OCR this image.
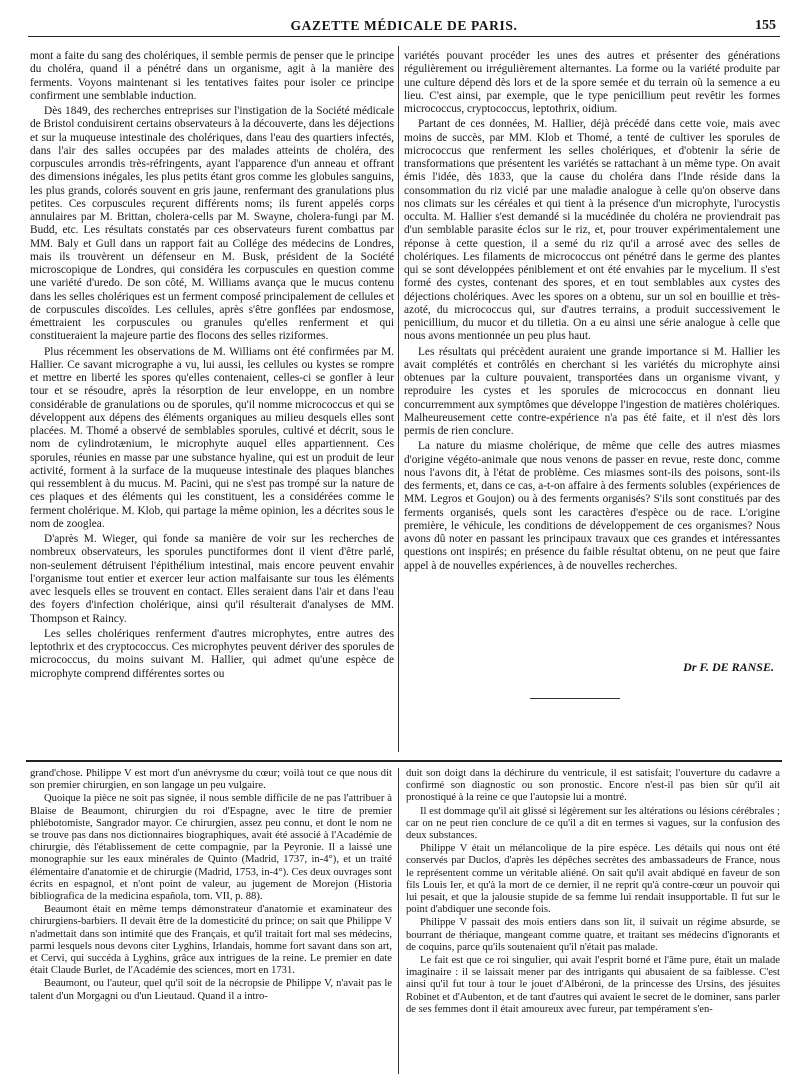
GAZETTE MÉDICALE DE PARIS.	155

mont a faite du sang des cholériques, il semble permis de penser que le principe du choléra, quand il a pénétré dans un organisme, agit à la manière des ferments. Voyons maintenant si les tentatives faites pour isoler ce principe confirment une semblable induction.

Dès 1849, des recherches entreprises sur l'instigation de la Société médicale de Bristol conduisirent certains observateurs à la découverte, dans les déjections et sur la muqueuse intestinale des cholériques, dans l'eau des quartiers infectés, dans l'air des salles occupées par des malades atteints de choléra, des corpuscules arrondis très-réfringents, ayant l'apparence d'un anneau et offrant des dimensions inégales, les plus petits étant gros comme les globules sanguins, les plus grands, colorés souvent en gris jaune, renfermant des granulations plus petites. Ces corpuscules reçurent différents noms; ils furent appelés corps annulaires par M. Brittan, cholera-cells par M. Swayne, cholera-fungi par M. Budd, etc. Les résultats constatés par ces observateurs furent combattus par MM. Baly et Gull dans un rapport fait au Collége des médecins de Londres, mais ils trouvèrent un défenseur en M. Busk, président de la Société microscopique de Londres, qui considéra les corpuscules en question comme une variété d'uredo. De son côté, M. Williams avança que le mucus contenu dans les selles cholériques est un ferment composé principalement de cellules et de corpuscules discoïdes. Les cellules, après s'être gonflées par endosmose, émettraient les corpuscules ou granules qu'elles renferment et qui constitueraient la majeure partie des flocons des selles riziformes.

Plus récemment les observations de M. Williams ont été confirmées par M. Hallier. Ce savant micrographe a vu, lui aussi, les cellules ou kystes se rompre et mettre en liberté les spores qu'elles contenaient, celles-ci se gonfler à leur tour et se résoudre, après la résorption de leur enveloppe, en un nombre considérable de granulations ou de sporules, qu'il nomme micrococcus et qui se développent aux dépens des éléments organiques au milieu desquels elles sont placées. M. Thomé a observé de semblables sporules, cultivé et décrit, sous le nom de cylindrotænium, le microphyte auquel elles appartiennent. Ces sporules, réunies en masse par une substance hyaline, qui est un produit de leur activité, forment à la surface de la muqueuse intestinale des plaques blanches qui ressemblent à du mucus. M. Pacini, qui ne s'est pas trompé sur la nature de ces plaques et des éléments qui les constituent, les a considérées comme le ferment cholérique. M. Klob, qui partage la même opinion, les a décrites sous le nom de zooglea.

D'après M. Wieger, qui fonde sa manière de voir sur les recherches de nombreux observateurs, les sporules punctiformes dont il vient d'être parlé, non-seulement détruisent l'épithélium intestinal, mais encore peuvent envahir l'organisme tout entier et exercer leur action malfaisante sur tous les éléments avec lesquels elles se trouvent en contact. Elles seraient dans l'air et dans l'eau des foyers d'infection cholérique, ainsi qu'il résulterait d'analyses de MM. Thompson et Raincy.

Les selles cholériques renferment d'autres microphytes, entre autres des leptothrix et des cryptococcus. Ces microphytes peuvent dériver des sporules de micrococcus, du moins suivant M. Hallier, qui admet qu'une espèce de microphyte comprend différentes sortes ou

variétés pouvant procéder les unes des autres et présenter des générations régulièrement ou irrégulièrement alternantes. La forme ou la variété produite par une culture dépend dès lors et de la spore semée et du terrain où la semence a eu lieu. C'est ainsi, par exemple, que le type penicillium peut revêtir les formes micrococcus, cryptococcus, leptothrix, oidium.

Partant de ces données, M. Hallier, déjà précédé dans cette voie, mais avec moins de succès, par MM. Klob et Thomé, a tenté de cultiver les sporules de micrococcus que renferment les selles cholériques, et d'obtenir la série de transformations que présentent les variétés se rattachant à un même type. On avait émis l'idée, dès 1833, que la cause du choléra dans l'Inde réside dans la consommation du riz vicié par une maladie analogue à celle qu'on observe dans nos climats sur les céréales et qui tient à la présence d'un microphyte, l'urocystis occulta. M. Hallier s'est demandé si la mucédinée du choléra ne proviendrait pas d'un semblable parasite éclos sur le riz, et, pour trouver expérimentalement une réponse à cette question, il a semé du riz qu'il a arrosé avec des selles de cholériques. Les filaments de micrococcus ont pénétré dans le germe des plantes qui se sont développées péniblement et ont été envahies par le mycelium. Il s'est formé des cystes, contenant des spores, et en tout semblables aux cystes des déjections cholériques. Avec les spores on a obtenu, sur un sol en bouillie et très-azoté, du micrococcus qui, sur d'autres terrains, a produit successivement le penicillium, du mucor et du tilletia. On a eu ainsi une série analogue à celle que nous avons mentionnée un peu plus haut.

Les résultats qui précèdent auraient une grande importance si M. Hallier les avait complétés et contrôlés en cherchant si les variétés du microphyte ainsi obtenues par la culture pouvaient, transportées dans un organisme vivant, y reproduire les cystes et les sporules de micrococcus en donnant lieu concurremment aux symptômes que développe l'ingestion de matières cholériques. Malheureusement cette contre-expérience n'a pas été faite, et il n'est dès lors permis de rien conclure.

La nature du miasme cholérique, de même que celle des autres miasmes d'origine végéto-animale que nous venons de passer en revue, reste donc, comme nous l'avons dit, à l'état de problème. Ces miasmes sont-ils des poisons, sont-ils des ferments, et, dans ce cas, a-t-on affaire à des ferments solubles (expériences de MM. Legros et Goujon) ou à des ferments organisés? S'ils sont constitués par des ferments organisés, quels sont les caractères d'espèce ou de race. L'origine première, le véhicule, les conditions de développement de ces organismes? Nous avons dû noter en passant les principaux travaux que ces grandes et intéressantes questions ont inspirés; en présence du faible résultat obtenu, on ne peut que faire appel à de nouvelles expériences, à de nouvelles recherches.

Dr F. DE RANSE.

grand'chose. Philippe V est mort d'un anévrysme du cœur; voilà tout ce que nous dit son premier chirurgien, en son langage un peu vulgaire.

Quoique la pièce ne soit pas signée, il nous semble difficile de ne pas l'attribuer à Blaise de Beaumont, chirurgien du roi d'Espagne, avec le titre de premier phlébotomiste, Sangrador mayor. Ce chirurgien, assez peu connu, et dont le nom ne se trouve pas dans nos dictionnaires biographiques, avait été associé à l'Académie de chirurgie, dès l'établissement de cette compagnie, par la Peyronie. Il a laissé une monographie sur les eaux minérales de Quinto (Madrid, 1737, in-4°), et un traité élémentaire d'anatomie et de chirurgie (Madrid, 1753, in-4°). Ces deux ouvrages sont écrits en espagnol, et n'ont point de valeur, au jugement de Morejon (Historia bibliografica de la medicina española, tom. VII, p. 88).

Beaumont était en même temps démonstrateur d'anatomie et examinateur des chirurgiens-barbiers. Il devait être de la domesticité du prince; on sait que Philippe V n'admettait dans son intimité que des Français, et qu'il traitait fort mal ses médecins, parmi lesquels nous devons citer Lyghins, Irlandais, homme fort savant dans son art, et Cervi, qui succéda à Lyghins, grâce aux intrigues de la reine. Le premier en date était Claude Burlet, de l'Académie des sciences, mort en 1731.

Beaumont, ou l'auteur, quel qu'il soit de la nécropsie de Philippe V, n'avait pas le talent d'un Morgagni ou d'un Lieutaud. Quand il a intro-

duit son doigt dans la déchirure du ventricule, il est satisfait; l'ouverture du cadavre a confirmé son diagnostic ou son pronostic. Encore n'est-il pas bien sûr qu'il ait pronostiqué à la reine ce que l'autopsie lui a montré.

Il est dommage qu'il ait glissé si légèrement sur les altérations ou lésions cérébrales ; car on ne peut rien conclure de ce qu'il a dit en termes si vagues, sur la confusion des deux substances.

Philippe V était un mélancolique de la pire espèce. Les détails qui nous ont été conservés par Duclos, d'après les dépêches secrètes des ambassadeurs de France, nous le représentent comme un véritable aliéné. On sait qu'il avait abdiqué en faveur de son fils Louis Ier, et qu'à la mort de ce dernier, il ne reprit qu'à contre-cœur un pouvoir qui lui pesait, et que la jalousie stupide de sa femme lui rendait insupportable. Il fut sur le point d'abdiquer une seconde fois.

Philippe V passait des mois entiers dans son lit, il suivait un régime absurde, se bourrant de thériaque, mangeant comme quatre, et traitant ses médecins d'ignorants et de coquins, parce qu'ils soutenaient qu'il n'était pas malade.

Le fait est que ce roi singulier, qui avait l'esprit borné et l'âme pure, était un malade imaginaire : il se laissait mener par des intrigants qui abusaient de sa faiblesse. C'est ainsi qu'il fut tour à tour le jouet d'Albéroni, de la princesse des Ursins, des jésuites Robinet et d'Aubenton, et de tant d'autres qui avaient le secret de le dominer, sans parler de ses femmes dont il était amoureux avec fureur, par tempérament s'en-
